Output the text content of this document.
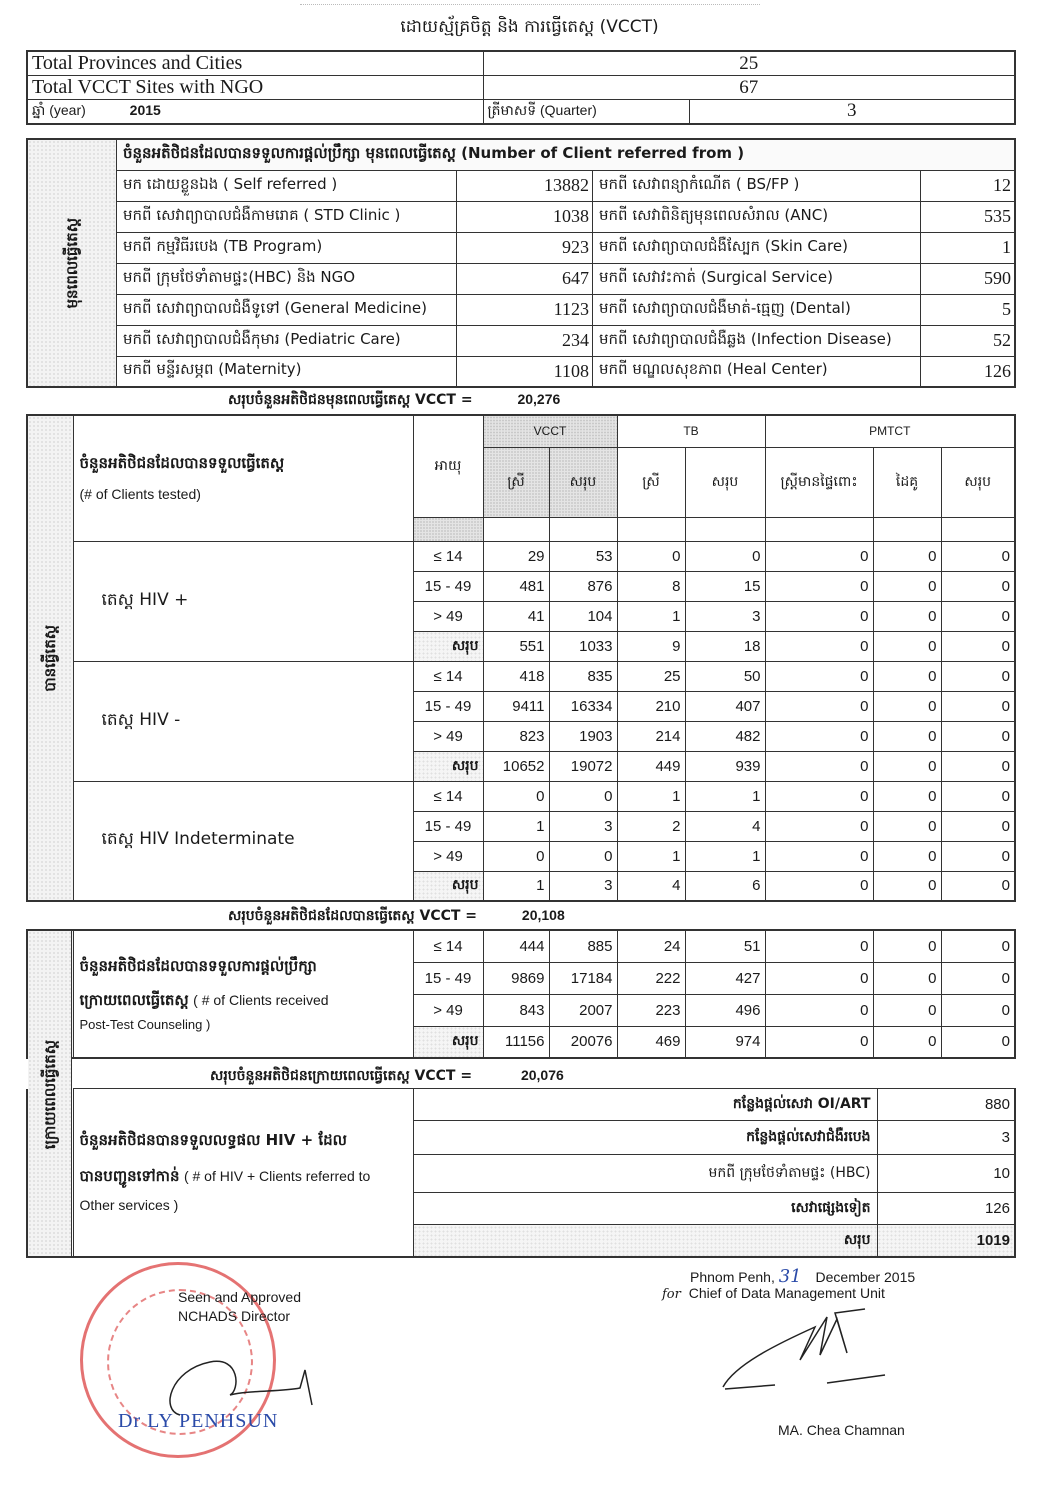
ដោយស្ម័គ្រចិត្ត និង ការធ្វើតេស្ត (VCCT)
Total Provinces and Cities	25	
Total VCCT Sites with NGO	67	
ឆ្នាំ (year) 2015	ត្រីមាសទី (Quarter)	3
មុនពេលធ្វើតេស្ត	ចំនួនអតិថិជនដែលបានទទួលការផ្តល់ប្រឹក្សា មុនពេលធ្វើតេស្ត (Number of Client referred from )			
	មក ដោយខ្លួនឯង ( Self referred )	13882	មកពី សេវាពន្យាកំណើត ( BS/FP )	12
	មកពី សេវាព្យាបាលជំងឺកាមរោគ ( STD Clinic )	1038	មកពី សេវាពិនិត្យមុនពេលសំរាល (ANC)	535
	មកពី កម្មវិធីរបេង (TB Program)	923	មកពី សេវាព្យាបាលជំងឺស្បែក (Skin Care)	1
	មកពី ក្រុមថែទាំតាមផ្ទះ(HBC) និង NGO	647	មកពី សេវាវះកាត់ (Surgical Service)	590
	មកពី សេវាព្យាបាលជំងឺទូទៅ (General Medicine)	1123	មកពី សេវាព្យាបាលជំងឺមាត់-ធ្មេញ (Dental)	5
	មកពី សេវាព្យាបាលជំងឺកុមារ (Pediatric Care)	234	មកពី សេវាព្យាបាលជំងឺឆ្លង (Infection Disease)	52
	មកពី មន្ទីរសម្ភព (Maternity)	1108	មកពី មណ្ឌលសុខភាព (Heal Center)	126
សរុបចំនួនអតិថិជនមុនពេលធ្វើតេស្ត VCCT =	20,276
បានធ្វើតេស្ត	ចំនួនអតិថិជនដែលបានទទួលធ្វើតេស្ត
(# of Clients tested)	អាយុ	VCCT		TB		PMTCT		
			ស្រី	សរុប	ស្រី	សរុប	ស្ត្រីមានផ្ទៃពោះ	ដៃគូ	សរុប

	តេស្ត HIV +	≤ 14	29	53	0	0	0	0	0
		15 - 49	481	876	8	15	0	0	0
		> 49	41	104	1	3	0	0	0
		សរុប	551	1033	9	18	0	0	0
	តេស្ត HIV -	≤ 14	418	835	25	50	0	0	0
		15 - 49	9411	16334	210	407	0	0	0
		> 49	823	1903	214	482	0	0	0
		សរុប	10652	19072	449	939	0	0	0
	តេស្ត HIV Indeterminate	≤ 14	0	0	1	1	0	0	0
		15 - 49	1	3	2	4	0	0	0
		> 49	0	0	1	1	0	0	0
		សរុប	1	3	4	6	0	0	0
សរុបចំនួនអតិថិជនដែលបានធ្វើតេស្ត VCCT =	20,108

	ចំនួនអតិថិជនដែលបានទទួលការផ្តល់ប្រឹក្សា
ក្រោយពេលធ្វើតេស្ត ( # of Clients received
Post-Test Counseling )	≤ 14	444	885	24	51	0	0	0
		15 - 49	9869	17184	222	427	0	0	0
		> 49	843	2007	223	496	0	0	0
		សរុប	11156	20076	469	974	0	0	0
សរុបចំនួនអតិថិជនក្រោយពេលធ្វើតេស្ត VCCT =	20,076
ក្រោយពេលធ្វើតេស្ត

	ចំនួនអតិថិជនបានទទួលលទ្ធផល HIV + ដែល
បានបញ្ជូនទៅកាន់ ( # of HIV + Clients referred to
Other services )	កន្លែងផ្តល់សេវា OI/ART	880
		កន្លែងផ្តល់សេវាជំងឺរបេង	3
		មកពី ក្រុមថែទាំតាមផ្ទះ (HBC)	10
		សេវាផ្សេងទៀត	126
		សរុប	1019
Seen and Approved
NCHADS Director
Dr LY PENHSUN
Phnom Penh, 31 December 2015
for Chief of Data Management Unit
MA. Chea Chamnan
